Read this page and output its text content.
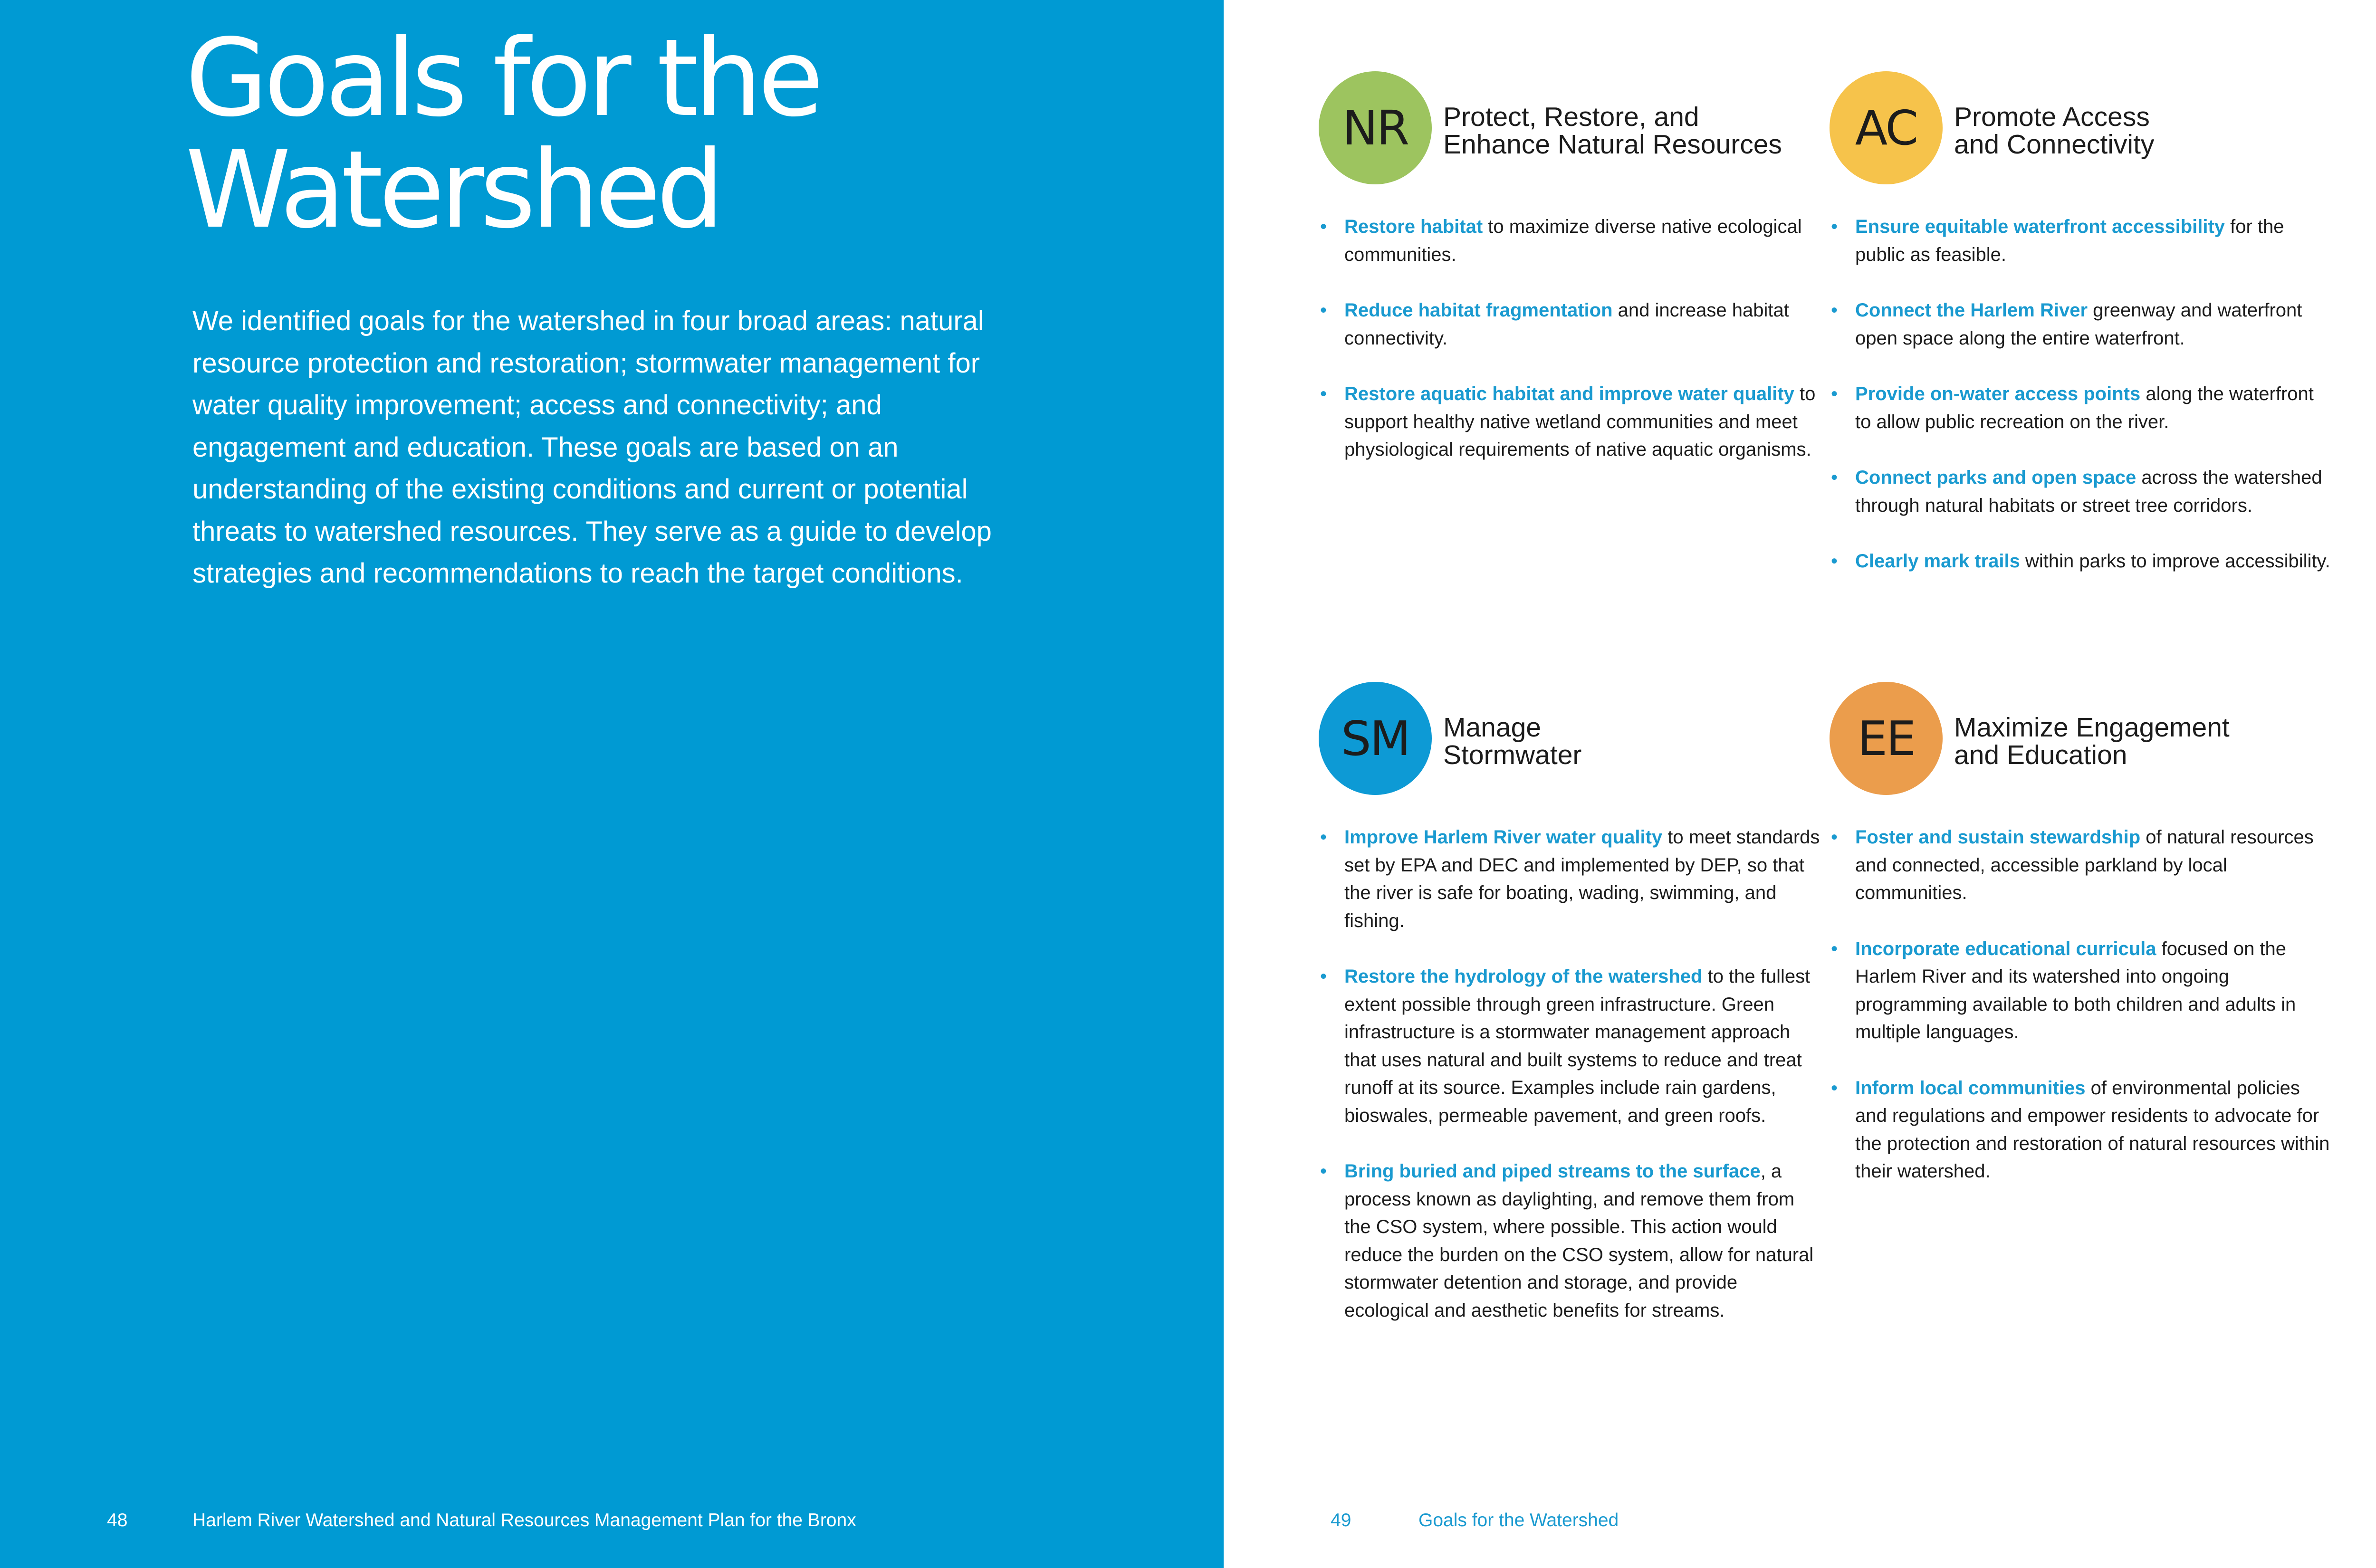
Goals for the
Watershed

We identified goals for the watershed in four broad areas: natural resource protection and restoration; stormwater management for water quality improvement; access and connectivity; and engagement and education. These goals are based on an understanding of the existing conditions and current or potential threats to watershed resources. They serve as a guide to develop strategies and recommendations to reach the target conditions.

48	Harlem River Watershed and Natural Resources Management Plan for the Bronx
NR	Protect, Restore, and
Enhance Natural Resources
• Restore habitat to maximize diverse native ecological communities.
• Reduce habitat fragmentation and increase habitat connectivity.
• Restore aquatic habitat and improve water quality to support healthy native wetland communities and meet physiological requirements of native aquatic organisms.
AC	Promote Access
and Connectivity
• Ensure equitable waterfront accessibility for the public as feasible.
• Connect the Harlem River greenway and waterfront open space along the entire waterfront.
• Provide on-water access points along the waterfront to allow public recreation on the river.
• Connect parks and open space across the watershed through natural habitats or street tree corridors.
• Clearly mark trails within parks to improve accessibility.
SM	Manage
Stormwater
• Improve Harlem River water quality to meet standards set by EPA and DEC and implemented by DEP, so that the river is safe for boating, wading, swimming, and fishing.
• Restore the hydrology of the watershed to the fullest extent possible through green infrastructure. Green infrastructure is a stormwater management approach that uses natural and built systems to reduce and treat runoff at its source. Examples include rain gardens, bioswales, permeable pavement, and green roofs.
• Bring buried and piped streams to the surface, a process known as daylighting, and remove them from the CSO system, where possible. This action would reduce the burden on the CSO system, allow for natural stormwater detention and storage, and provide ecological and aesthetic benefits for streams.
EE	Maximize Engagement
and Education
• Foster and sustain stewardship of natural resources and connected, accessible parkland by local communities.
• Incorporate educational curricula focused on the Harlem River and its watershed into ongoing programming available to both children and adults in multiple languages.
• Inform local communities of environmental policies and regulations and empower residents to advocate for the protection and restoration of natural resources within their watershed.
49	Goals for the Watershed
